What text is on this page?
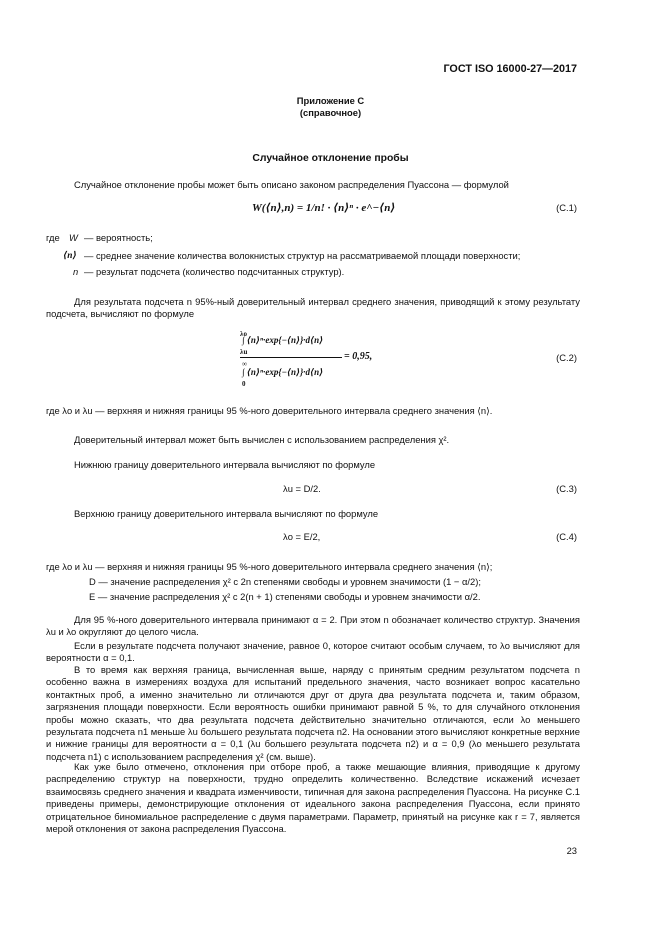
ГОСТ ISO 16000-27—2017
Приложение С
(справочное)
Случайное отклонение пробы
Случайное отклонение пробы может быть описано законом распределения Пуассона — формулой
W(⟨n⟩,n) = 1/n! · ⟨n⟩ⁿ · e^−⟨n⟩	(С.1)
где W — вероятность;
⟨ n ⟩	— среднее значение количества волокнистых структур на рассматриваемой площади поверхности;
n — результат подсчета (количество подсчитанных структур).
Для результата подсчета n 95%-ный доверительный интервал среднего значения, приводящий к этому результату подсчета, вычисляют по формуле
λo
∫ ⟨n⟩ⁿ·exp{−⟨n⟩}·d⟨n⟩
λu
∞
∫ ⟨n⟩ⁿ·exp{−⟨n⟩}·d⟨n⟩
0
= 0,95,	(С.2)
где λo и λu — верхняя и нижняя границы 95 %-ного доверительного интервала среднего значения ⟨n⟩.
Доверительный интервал может быть вычислен с использованием распределения χ².
Нижнюю границу доверительного интервала вычисляют по формуле
λu = D/2.	(С.3)
Верхнюю границу доверительного интервала вычисляют по формуле
λo = E/2,	(С.4)
где λo и λu — верхняя и нижняя границы 95 %-ного доверительного интервала среднего значения ⟨n⟩;
D — значение распределения χ² с 2n степенями свободы и уровнем значимости (1 − α/2);
E — значение распределения χ² с 2(n + 1) степенями свободы и уровнем значимости α/2.
Для 95 %-ного доверительного интервала принимают α = 2. При этом n обозначает количество структур. Значения λu и λo округляют до целого числа.
Если в результате подсчета получают значение, равное 0, которое считают особым случаем, то λo вычисляют для вероятности α = 0,1.
В то время как верхняя граница, вычисленная выше, наряду с принятым средним результатом подсчета n особенно важна в измерениях воздуха для испытаний предельного значения, часто возникает вопрос касательно контактных проб, а именно значительно ли отличаются друг от друга два результата подсчета и, таким образом, загрязнения площади поверхности. Если вероятность ошибки принимают равной 5 %, то для случайного отклонения пробы можно сказать, что два результата подсчета действительно значительно отличаются, если λo меньшего результата подсчета n1 меньше λu большего результата подсчета n2. На основании этого вычисляют конкретные верхние и нижние границы для вероятности α = 0,1 (λu большего результата подсчета n2) и α = 0,9 (λo меньшего результата подсчета n1) с использованием распределения χ² (см. выше).
Как уже было отмечено, отклонения при отборе проб, а также мешающие влияния, приводящие к другому распределению структур на поверхности, трудно определить количественно. Вследствие искажений исчезает взаимосвязь среднего значения и квадрата изменчивости, типичная для закона распределения Пуассона. На рисунке С.1 приведены примеры, демонстрирующие отклонения от идеального закона распределения Пуассона, если принято отрицательное биномиальное распределение с двумя параметрами. Параметр, принятый на рисунке как r = 7, является мерой отклонения от закона распределения Пуассона.
23
